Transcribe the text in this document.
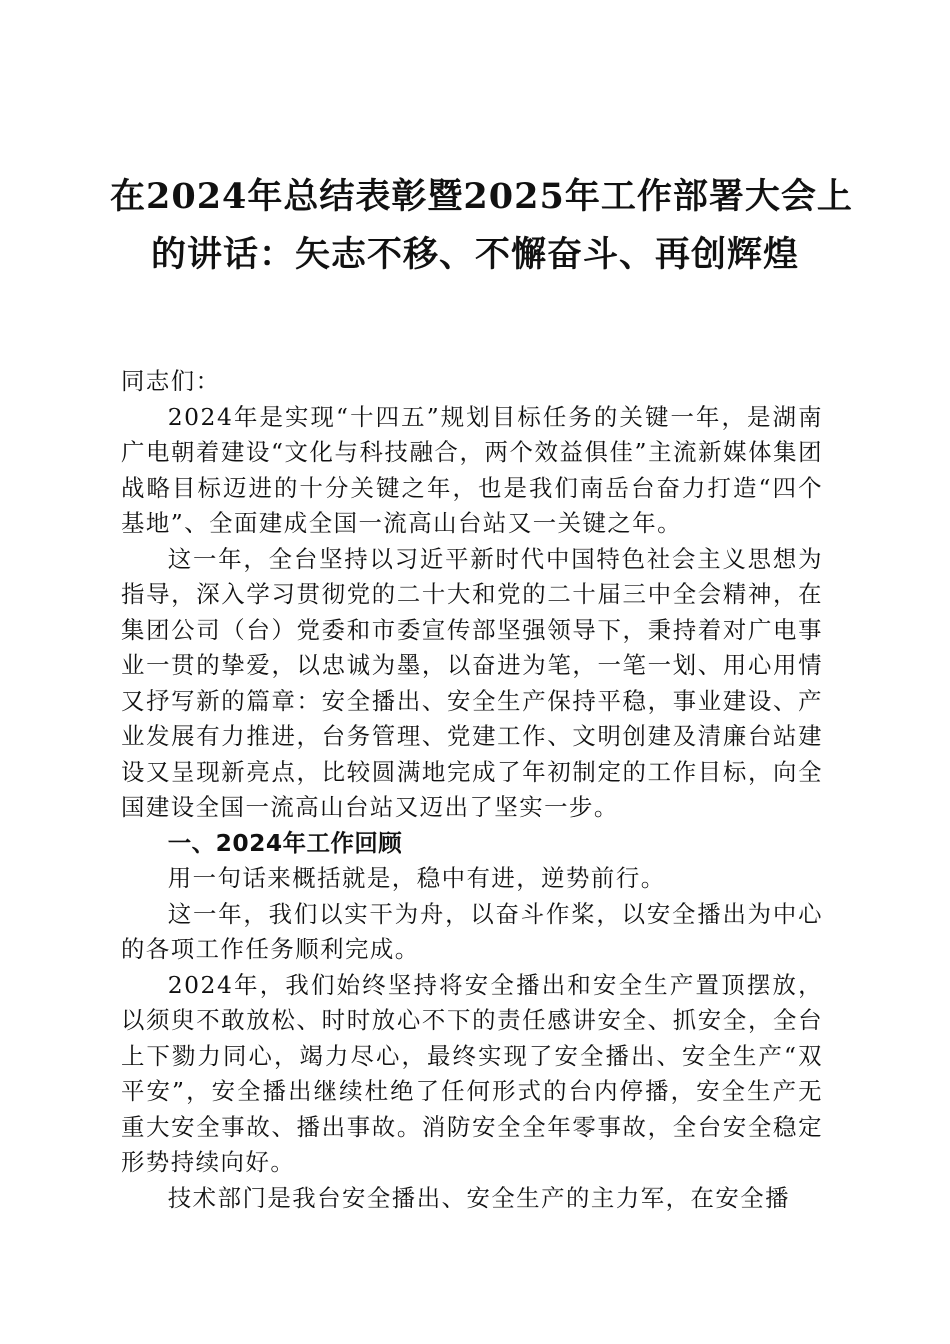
在2024年总结表彰暨2025年工作部署大会上
的讲话：矢志不移、不懈奋斗、再创辉煌

同志们：

2024年是实现“十四五”规划目标任务的关键一年，是湖南广电朝着建设“文化与科技融合，两个效益俱佳”主流新媒体集团战略目标迈进的十分关键之年，也是我们南岳台奋力打造“四个基地”、全面建成全国一流高山台站又一关键之年。

这一年，全台坚持以习近平新时代中国特色社会主义思想为指导，深入学习贯彻党的二十大和党的二十届三中全会精神，在集团公司（台）党委和市委宣传部坚强领导下，秉持着对广电事业一贯的挚爱，以忠诚为墨，以奋进为笔，一笔一划、用心用情又抒写新的篇章：安全播出、安全生产保持平稳，事业建设、产业发展有力推进，台务管理、党建工作、文明创建及清廉台站建设又呈现新亮点，比较圆满地完成了年初制定的工作目标，向全国建设全国一流高山台站又迈出了坚实一步。

一、2024年工作回顾

用一句话来概括就是，稳中有进，逆势前行。

这一年，我们以实干为舟，以奋斗作桨，以安全播出为中心的各项工作任务顺利完成。

2024年，我们始终坚持将安全播出和安全生产置顶摆放，以须臾不敢放松、时时放心不下的责任感讲安全、抓安全，全台上下勠力同心，竭力尽心，最终实现了安全播出、安全生产“双平安”，安全播出继续杜绝了任何形式的台内停播，安全生产无重大安全事故、播出事故。消防安全全年零事故，全台安全稳定形势持续向好。

技术部门是我台安全播出、安全生产的主力军，在安全播
